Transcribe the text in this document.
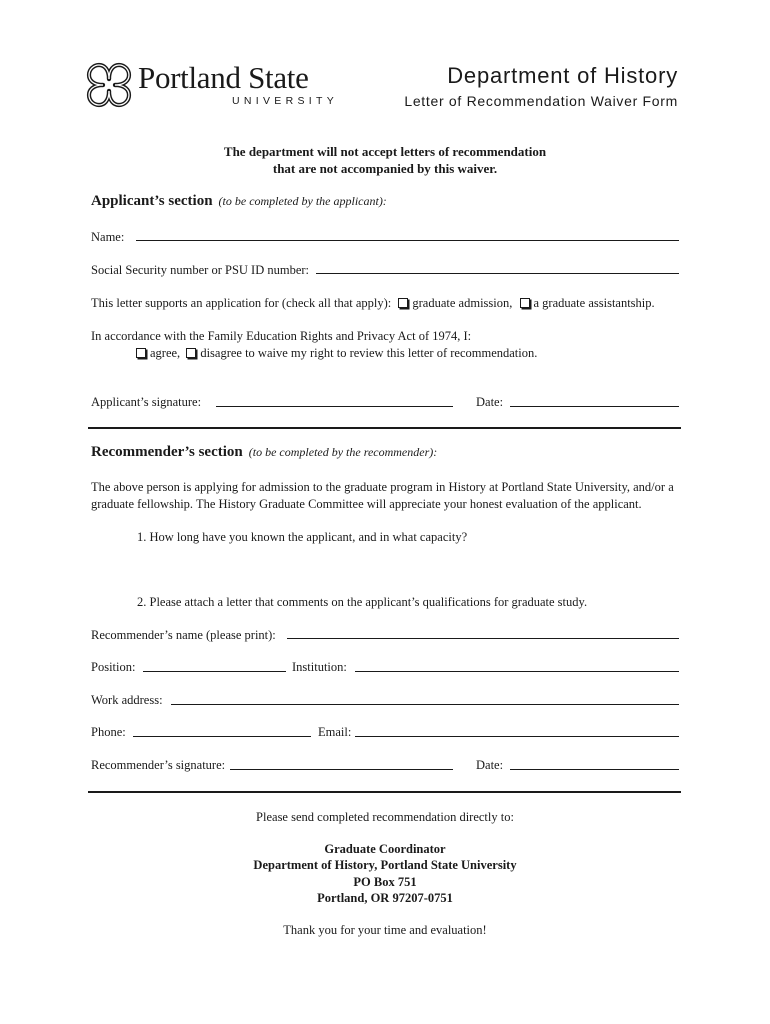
Portland State
UNIVERSITY
Department of History
Letter of Recommendation Waiver Form
The department will not accept letters of recommendation
that are not accompanied by this waiver.
Applicant’s section (to be completed by the applicant):
Name:
Social Security number or PSU ID number:
This letter supports an application for (check all that apply): graduate admission, a graduate assistantship.
In accordance with the Family Education Rights and Privacy Act of 1974, I:
agree, disagree to waive my right to review this letter of recommendation.
Applicant’s signature:	Date:
Recommender’s section (to be completed by the recommender):
The above person is applying for admission to the graduate program in History at Portland State University, and/or a graduate fellowship. The History Graduate Committee will appreciate your honest evaluation of the applicant.
1. How long have you known the applicant, and in what capacity?
2. Please attach a letter that comments on the applicant’s qualifications for graduate study.
Recommender’s name (please print):
Position:	Institution:
Work address:
Phone:	Email:
Recommender’s signature:	Date:
Please send completed recommendation directly to:
Graduate Coordinator
Department of History, Portland State University
PO Box 751
Portland, OR 97207-0751
Thank you for your time and evaluation!
